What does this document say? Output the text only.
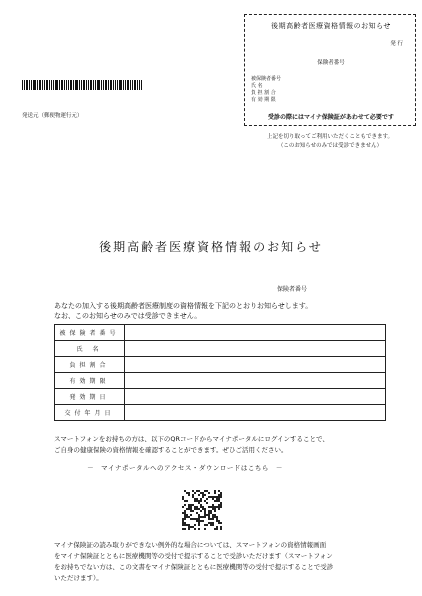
後期高齢者医療資格情報のお知らせ
発 行
保険者番号
被保険者番号
氏 名
負 担 割 合
有 効 期 限
受診の際にはマイナ保険証があわせて必要です
上記を切り取ってご利用いただくこともできます。
（このお知らせのみでは受診できません）
発送元（郵便物運行元）
後期高齢者医療資格情報のお知らせ
保険者番号
あなたの加入する後期高齢者医療制度の資格情報を下記のとおりお知らせします。
なお、このお知らせのみでは受診できません。
被保険者番号	
氏 名	
負担割合	
有効期限	
発効期日	
交付年月日	
スマートフォンをお持ちの方は、以下のQRコードからマイナポータルにログインすることで、
ご自身の健康保険の資格情報を確認することができます。ぜひご活用ください。
－　マイナポータルへのアクセス・ダウンロードはこちら　－
マイナ保険証の読み取りができない例外的な場合については、スマートフォンの資格情報画面
をマイナ保険証とともに医療機関等の受付で提示することで受診いただけます（スマートフォン
をお持ちでない方は、この文書をマイナ保険証とともに医療機関等の受付で提示することで受診
いただけます）。
